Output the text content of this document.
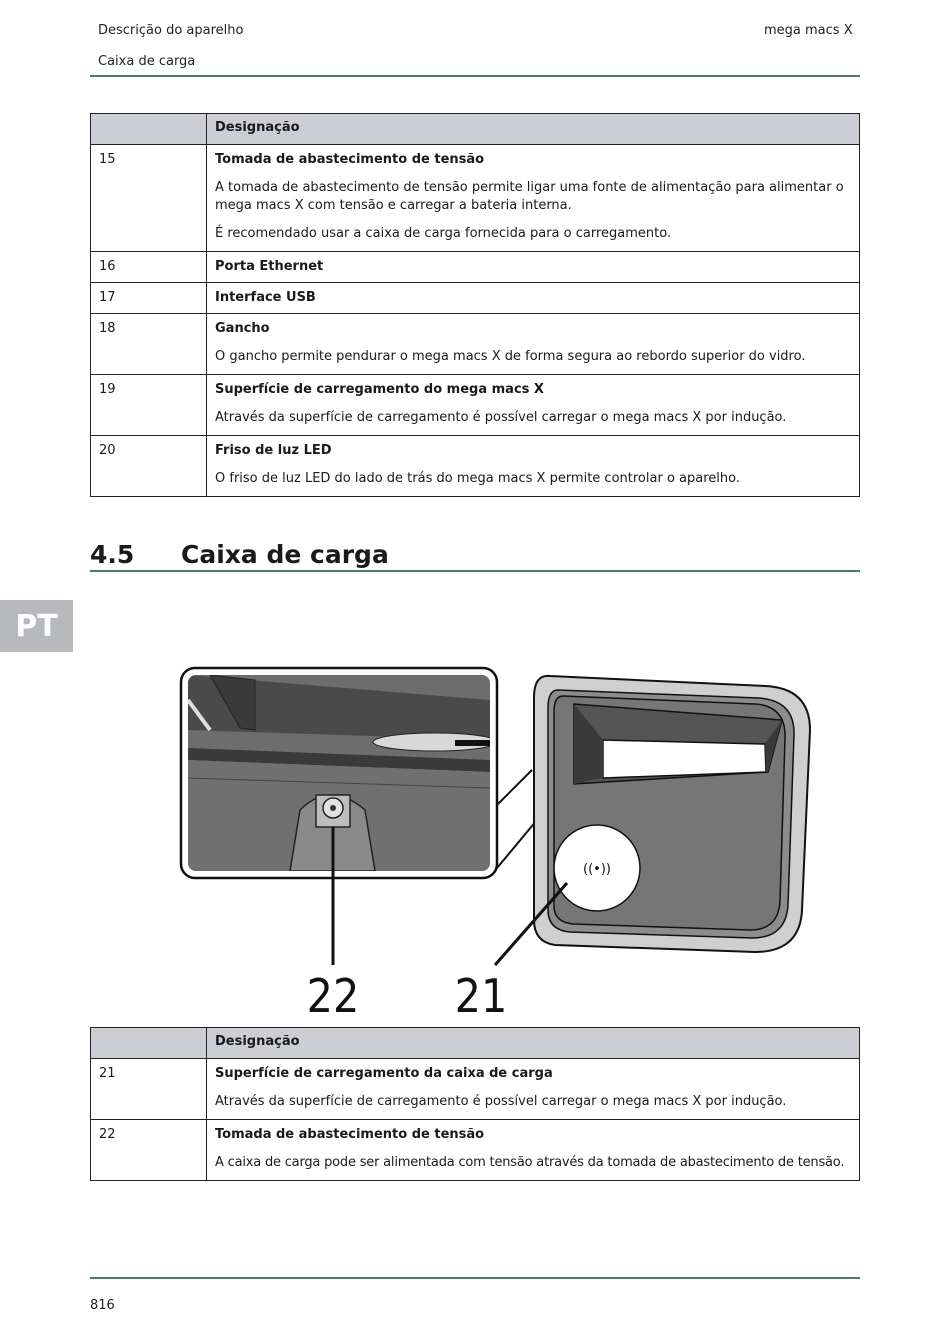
Descrição do aparelho	mega macs X
Caixa de carga
	Designação
15	Tomada de abastecimento de tensão

A tomada de abastecimento de tensão permite ligar uma fonte de alimentação para alimentar o mega macs X com tensão e carregar a bateria interna.

É recomendado usar a caixa de carga fornecida para o carregamento.

16	Porta Ethernet

17	Interface USB

18	Gancho

O gancho permite pendurar o mega macs X de forma segura ao rebordo superior do vidro.

19	Superfície de carregamento do mega macs X

Através da superfície de carregamento é possível carregar o mega macs X por indução.

20	Friso de luz LED

O friso de luz LED do lado de trás do mega macs X permite controlar o aparelho.

4.5 Caixa de carga
PT
((•))
22 21
	Designação
21	Superfície de carregamento da caixa de carga

Através da superfície de carregamento é possível carregar o mega macs X por indução.

22	Tomada de abastecimento de tensão

A caixa de carga pode ser alimentada com tensão através da tomada de abastecimento de tensão.

816
